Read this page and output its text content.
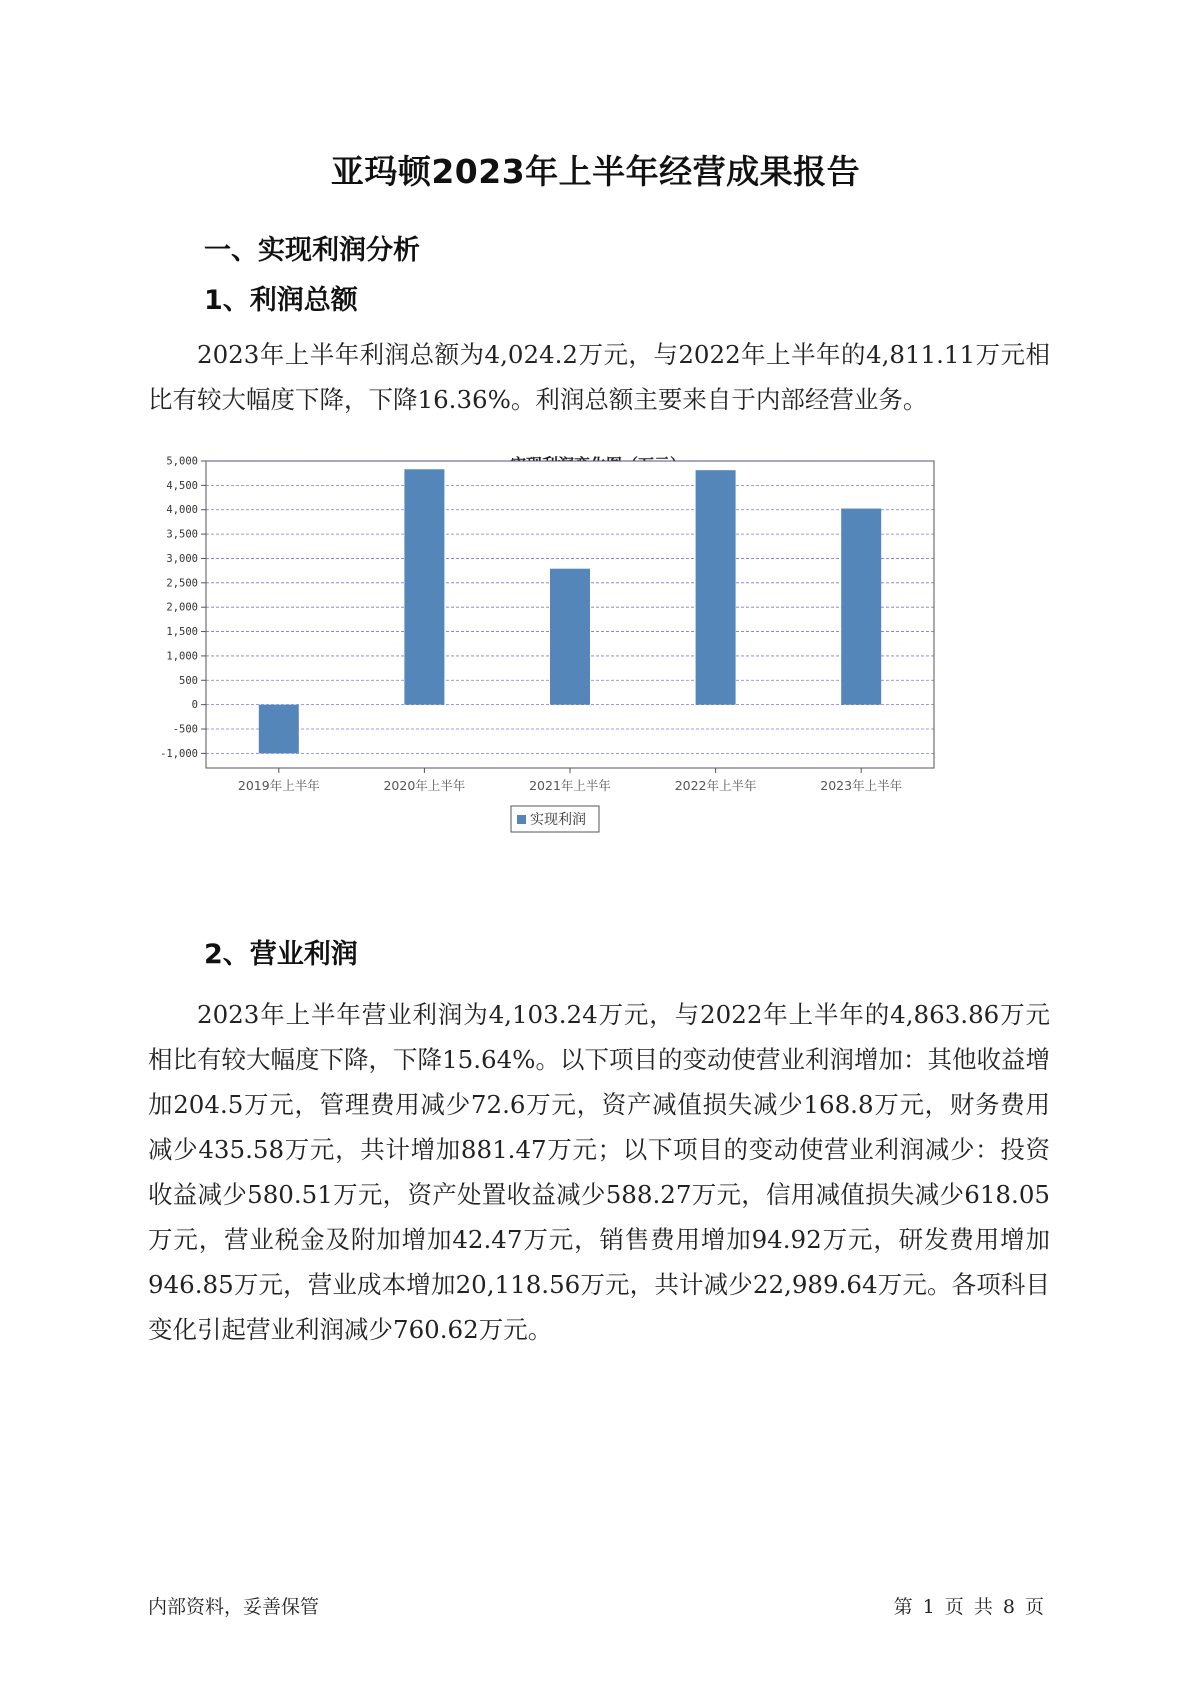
亚玛顿2023年上半年经营成果报告
一、实现利润分析
1、利润总额

2023年上半年利润总额为4,024.2万元，与2022年上半年的4,811.11万元相比有较大幅度下降，下降16.36%。利润总额主要来自于内部经营业务。

5,000
4,500
4,000
3,500
3,000
2,500
2,000
1,500
1,000
500
0
-500
-1,000
2019年上半年	2020年上半年	2021年上半年	2022年上半年	2023年上半年
实现利润
2、营业利润

2023年上半年营业利润为4,103.24万元，与2022年上半年的4,863.86万元相比有较大幅度下降，下降15.64%。以下项目的变动使营业利润增加：其他收益增加204.5万元，管理费用减少72.6万元，资产减值损失减少168.8万元，财务费用减少435.58万元，共计增加881.47万元；以下项目的变动使营业利润减少：投资收益减少580.51万元，资产处置收益减少588.27万元，信用减值损失减少618.05万元，营业税金及附加增加42.47万元，销售费用增加94.92万元，研发费用增加946.85万元，营业成本增加20,118.56万元，共计减少22,989.64万元。各项科目变化引起营业利润减少760.62万元。

内部资料，妥善保管	第 1 页 共 8 页
